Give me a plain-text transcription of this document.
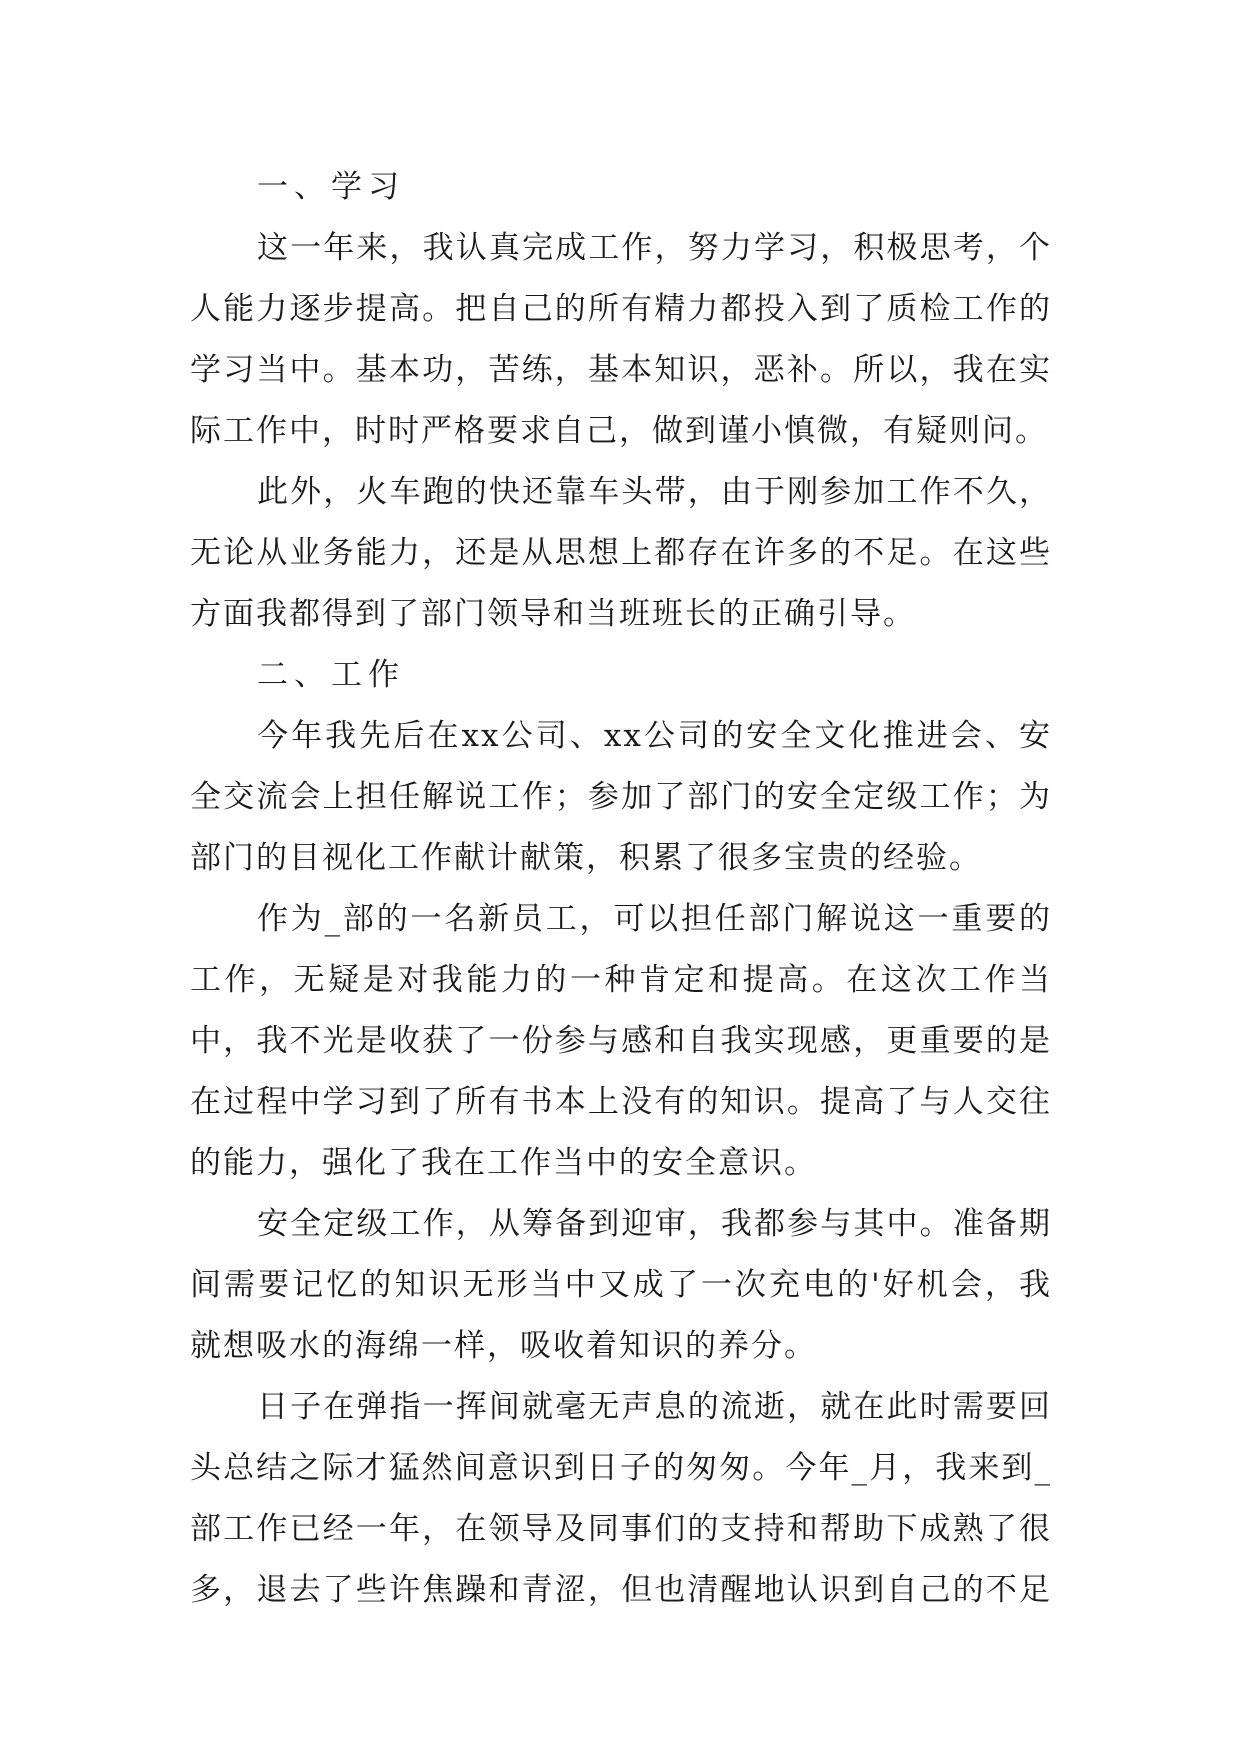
一、学习

这一年来，我认真完成工作，努力学习，积极思考，个人能力逐步提高。把自己的所有精力都投入到了质检工作的学习当中。基本功，苦练，基本知识，恶补。所以，我在实际工作中，时时严格要求自己，做到谨小慎微，有疑则问。

此外，火车跑的快还靠车头带，由于刚参加工作不久，无论从业务能力，还是从思想上都存在许多的不足。在这些方面我都得到了部门领导和当班班长的正确引导。

二、工作

今年我先后在xx公司、xx公司的安全文化推进会、安全交流会上担任解说工作；参加了部门的安全定级工作；为部门的目视化工作献计献策，积累了很多宝贵的经验。

作为_部的一名新员工，可以担任部门解说这一重要的工作，无疑是对我能力的一种肯定和提高。在这次工作当中，我不光是收获了一份参与感和自我实现感，更重要的是在过程中学习到了所有书本上没有的知识。提高了与人交往的能力，强化了我在工作当中的安全意识。

安全定级工作，从筹备到迎审，我都参与其中。准备期间需要记忆的知识无形当中又成了一次充电的'好机会，我就想吸水的海绵一样，吸收着知识的养分。

日子在弹指一挥间就毫无声息的流逝，就在此时需要回头总结之际才猛然间意识到日子的匆匆。今年_月，我来到_部工作已经一年，在领导及同事们的支持和帮助下成熟了很多，退去了些许焦躁和青涩，但也清醒地认识到自己的不足
